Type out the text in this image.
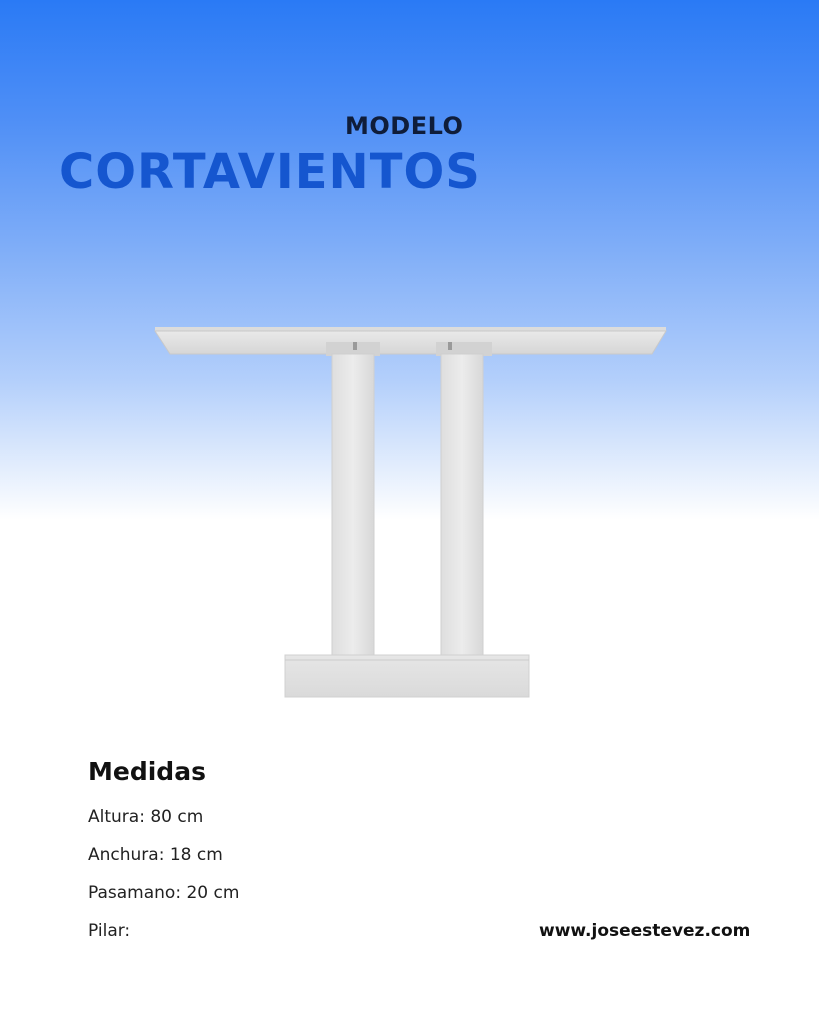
MODELO
CORTAVIENTOS
Medidas
Altura: 80 cm
Anchura: 18 cm
Pasamano: 20 cm
Pilar:	www.joseestevez.com
